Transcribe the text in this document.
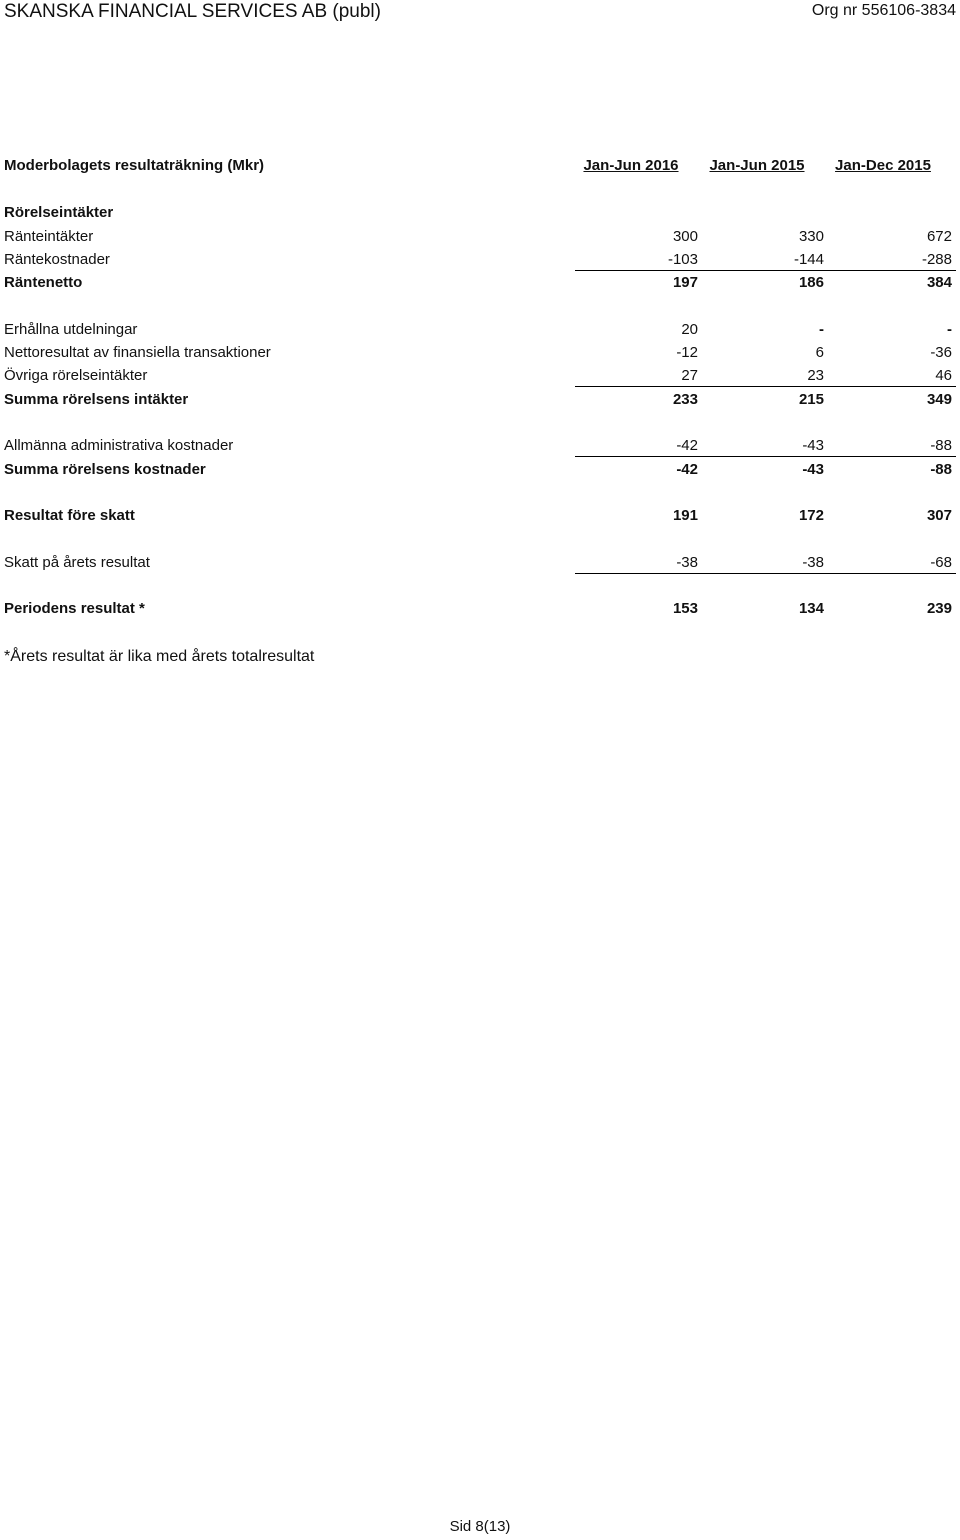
SKANSKA FINANCIAL SERVICES AB (publ)	Org nr 556106-3834
Moderbolagets resultaträkning (Mkr)	Jan-Jun 2016	Jan-Jun 2015	Jan-Dec 2015
Rörelseintäkter
Ränteintäkter	300	330	672
Räntekostnader	-103	-144	-288
Räntenetto	197	186	384
Erhållna utdelningar	20	-	-
Nettoresultat av finansiella transaktioner	-12	6	-36
Övriga rörelseintäkter	27	23	46
Summa rörelsens intäkter	233	215	349
Allmänna administrativa kostnader	-42	-43	-88
Summa rörelsens kostnader	-42	-43	-88
Resultat före skatt	191	172	307
Skatt på årets resultat	-38	-38	-68
Periodens resultat *	153	134	239
*Årets resultat är lika med årets totalresultat
Sid 8(13)
